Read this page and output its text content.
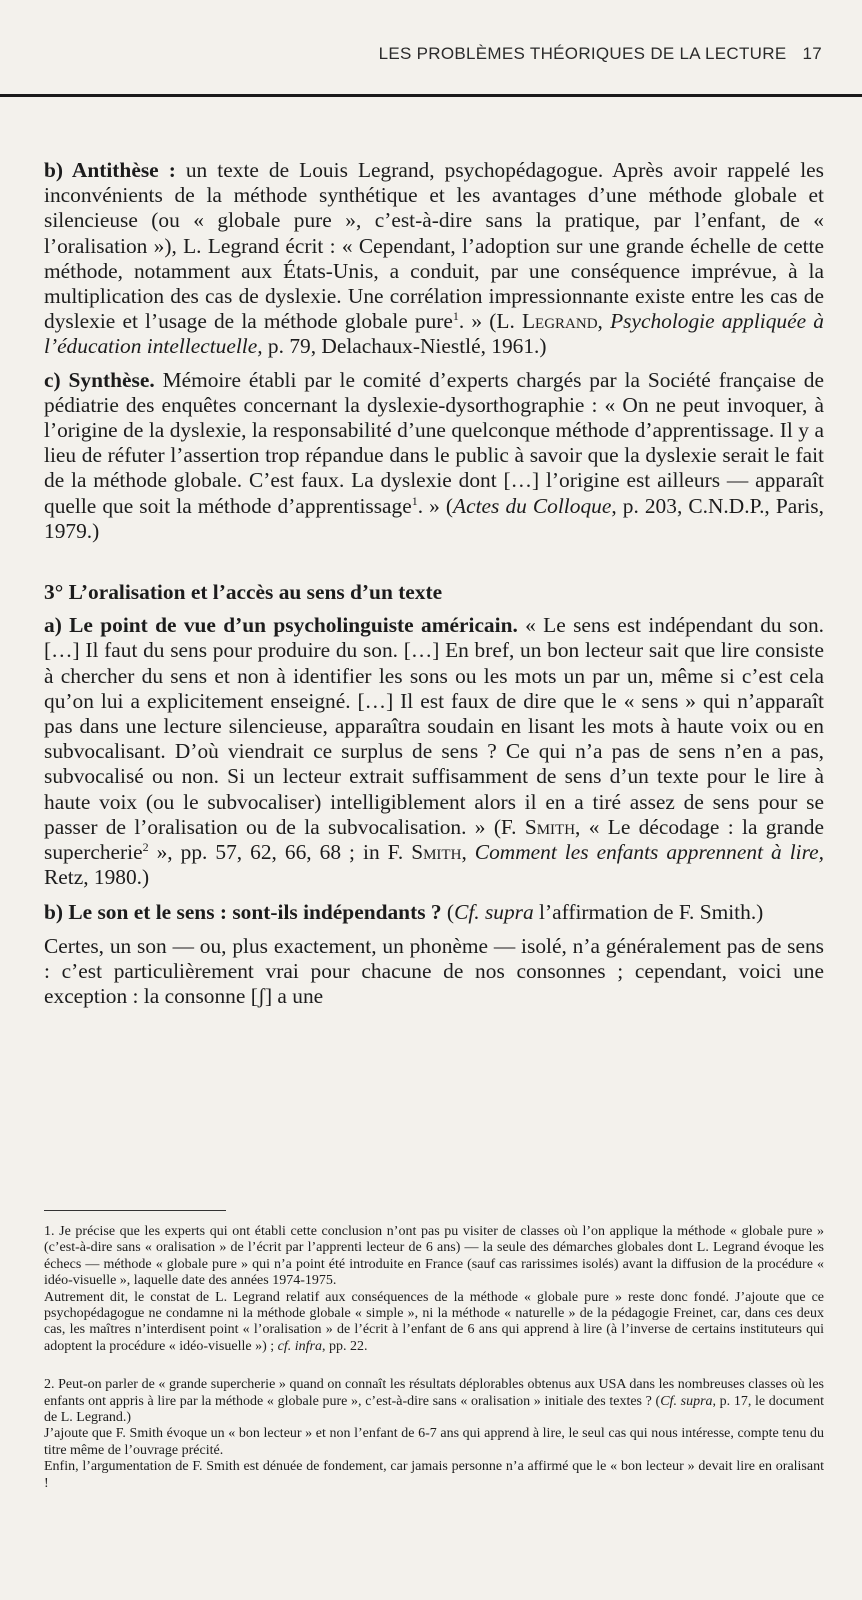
LES PROBLÈMES THÉORIQUES DE LA LECTURE 17

b) Antithèse : un texte de Louis Legrand, psychopédagogue. Après avoir rappelé les inconvénients de la méthode synthétique et les avantages d’une méthode globale et silencieuse (ou « globale pure », c’est-à-dire sans la pratique, par l’enfant, de « l’oralisation »), L. Legrand écrit : « Cependant, l’adoption sur une grande échelle de cette méthode, notamment aux États-Unis, a conduit, par une conséquence imprévue, à la multiplication des cas de dyslexie. Une corrélation impressionnante existe entre les cas de dyslexie et l’usage de la méthode globale pure$^1$. » (L. Legrand, Psychologie appliquée à l’éducation intellectuelle, p. 79, Delachaux-Niestlé, 1961.)

c) Synthèse. Mémoire établi par le comité d’experts chargés par la Société française de pédiatrie des enquêtes concernant la dyslexie-dysorthographie : « On ne peut invoquer, à l’origine de la dyslexie, la responsabilité d’une quelconque méthode d’apprentissage. Il y a lieu de réfuter l’assertion trop répandue dans le public à savoir que la dyslexie serait le fait de la méthode globale. C’est faux. La dyslexie dont […] l’origine est ailleurs — apparaît quelle que soit la méthode d’apprentissage$^1$. » (Actes du Colloque, p. 203, C.N.D.P., Paris, 1979.)

3° L’oralisation et l’accès au sens d’un texte

a) Le point de vue d’un psycholinguiste américain. « Le sens est indépendant du son. […] Il faut du sens pour produire du son. […] En bref, un bon lecteur sait que lire consiste à chercher du sens et non à identifier les sons ou les mots un par un, même si c’est cela qu’on lui a explicitement enseigné. […] Il est faux de dire que le « sens » qui n’apparaît pas dans une lecture silencieuse, apparaîtra soudain en lisant les mots à haute voix ou en subvocalisant. D’où viendrait ce surplus de sens ? Ce qui n’a pas de sens n’en a pas, subvocalisé ou non. Si un lecteur extrait suffisamment de sens d’un texte pour le lire à haute voix (ou le subvocaliser) intelligiblement alors il en a tiré assez de sens pour se passer de l’oralisation ou de la subvocalisation. » (F. Smith, « Le décodage : la grande supercherie$^2$ », pp. 57, 62, 66, 68 ; in F. Smith, Comment les enfants apprennent à lire, Retz, 1980.)

b) Le son et le sens : sont-ils indépendants ? (Cf. supra l’affirmation de F. Smith.)

Certes, un son — ou, plus exactement, un phonème — isolé, n’a généralement pas de sens : c’est particulièrement vrai pour chacune de nos consonnes ; cependant, voici une exception : la consonne [ʃ] a une

1. Je précise que les experts qui ont établi cette conclusion n’ont pas pu visiter de classes où l’on applique la méthode « globale pure » (c’est-à-dire sans « oralisation » de l’écrit par l’apprenti lecteur de 6 ans) — la seule des démarches globales dont L. Legrand évoque les échecs — méthode « globale pure » qui n’a point été introduite en France (sauf cas rarissimes isolés) avant la diffusion de la procédure « idéo-visuelle », laquelle date des années 1974-1975.

Autrement dit, le constat de L. Legrand relatif aux conséquences de la méthode « globale pure » reste donc fondé. J’ajoute que ce psychopédagogue ne condamne ni la méthode globale « simple », ni la méthode « naturelle » de la pédagogie Freinet, car, dans ces deux cas, les maîtres n’interdisent point « l’oralisation » de l’écrit à l’enfant de 6 ans qui apprend à lire (à l’inverse de certains instituteurs qui adoptent la procédure « idéo-visuelle ») ; cf. infra, pp. 22.

2. Peut-on parler de « grande supercherie » quand on connaît les résultats déplorables obtenus aux USA dans les nombreuses classes où les enfants ont appris à lire par la méthode « globale pure », c’est-à-dire sans « oralisation » initiale des textes ? (Cf. supra, p. 17, le document de L. Legrand.)

J’ajoute que F. Smith évoque un « bon lecteur » et non l’enfant de 6-7 ans qui apprend à lire, le seul cas qui nous intéresse, compte tenu du titre même de l’ouvrage précité.

Enfin, l’argumentation de F. Smith est dénuée de fondement, car jamais personne n’a affirmé que le « bon lecteur » devait lire en oralisant !
